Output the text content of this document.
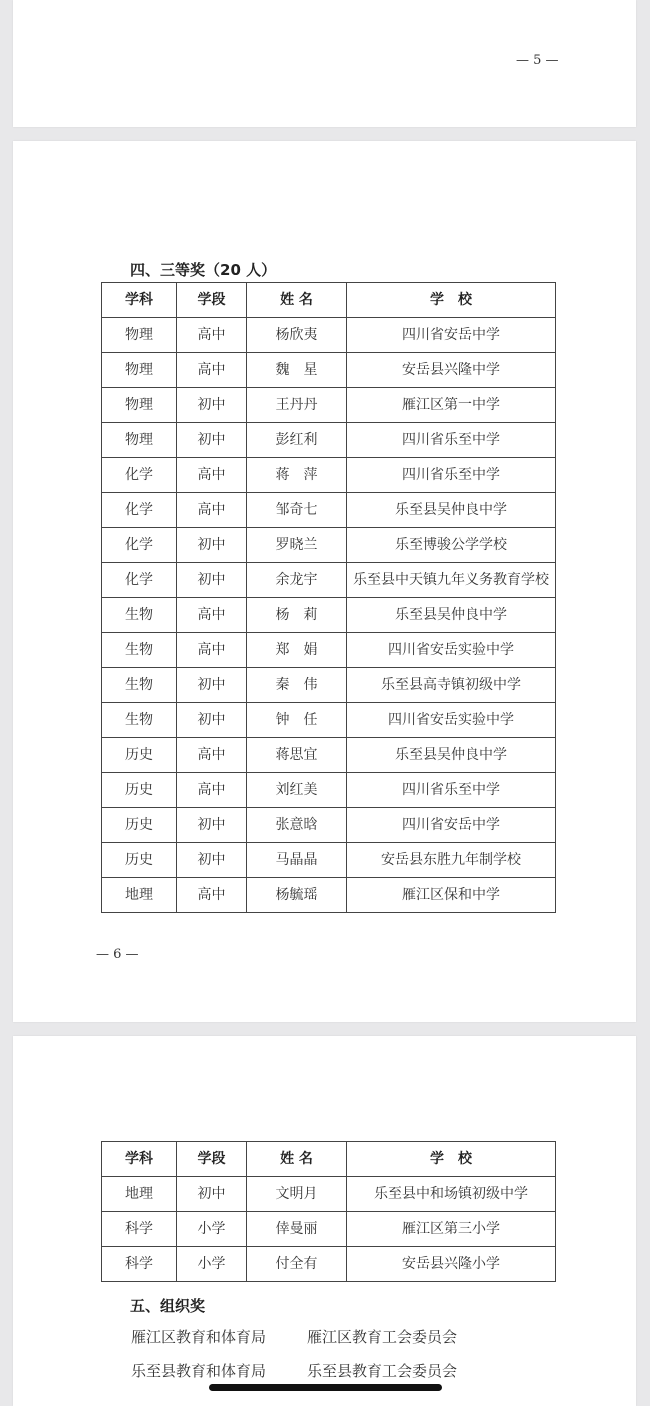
— 5 —
四、三等奖（20 人）
学科	学段	姓 名	学　校
物理	高中	杨欣夷	四川省安岳中学
物理	高中	魏　星	安岳县兴隆中学
物理	初中	王丹丹	雁江区第一中学
物理	初中	彭红利	四川省乐至中学
化学	高中	蒋　萍	四川省乐至中学
化学	高中	邹奇七	乐至县吴仲良中学
化学	初中	罗晓兰	乐至博骏公学学校
化学	初中	余龙宇	乐至县中天镇九年义务教育学校
生物	高中	杨　莉	乐至县吴仲良中学
生物	高中	郑　娟	四川省安岳实验中学
生物	初中	秦　伟	乐至县高寺镇初级中学
生物	初中	钟　任	四川省安岳实验中学
历史	高中	蒋思宜	乐至县吴仲良中学
历史	高中	刘红美	四川省乐至中学
历史	初中	张意晗	四川省安岳中学
历史	初中	马晶晶	安岳县东胜九年制学校
地理	高中	杨毓瑶	雁江区保和中学
— 6 —
学科	学段	姓 名	学　校
地理	初中	文明月	乐至县中和场镇初级中学
科学	小学	倖曼丽	雁江区第三小学
科学	小学	付全有	安岳县兴隆小学
五、组织奖
雁江区教育和体育局	雁江区教育工会委员会
乐至县教育和体育局	乐至县教育工会委员会
